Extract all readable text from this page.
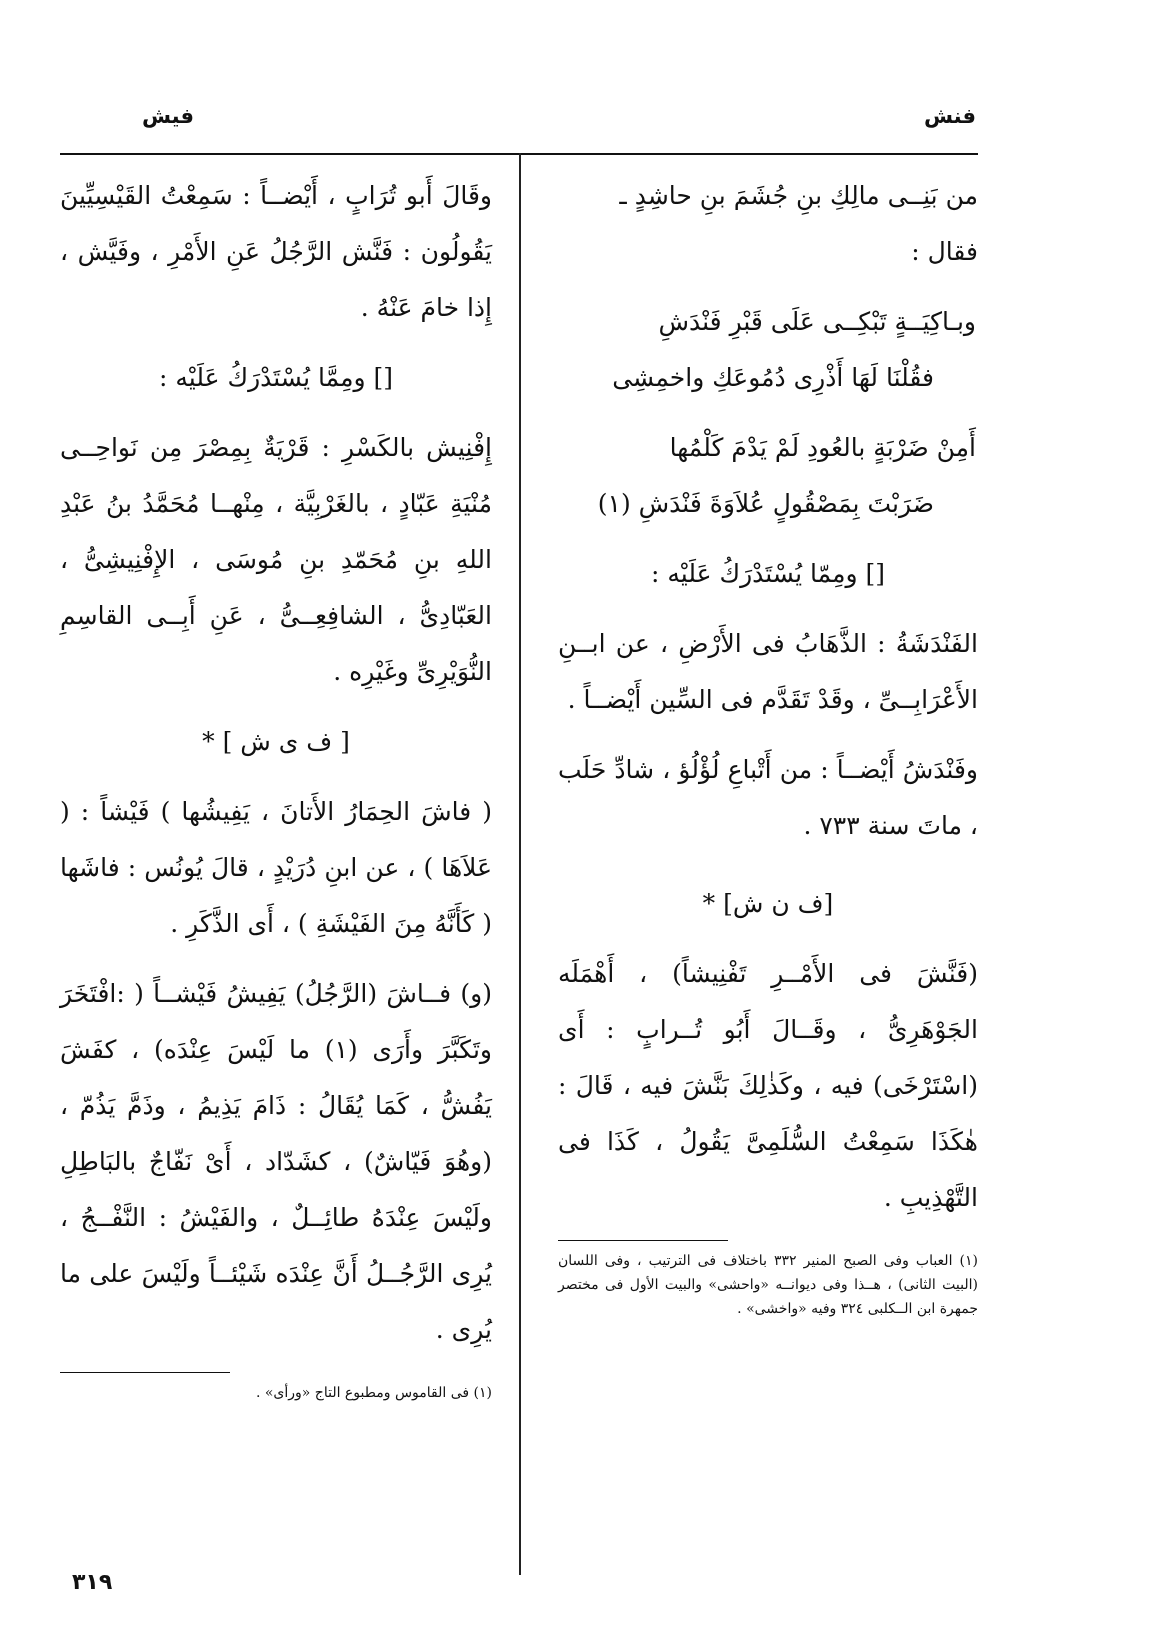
فنش
فيش

من بَنِــى مالِكِ بنِ جُشَمَ بنِ حاشِدٍ ـ

فقال :

وبـاكِيَــةٍ تَبْكِــى عَلَى قَبْرِ فَنْدَشِ

فقُلْنَا لَهَا أَذْرِى دُمُوعَكِ واخمِشِى

أَمِنْ ضَرْبَةٍ بالعُودِ لَمْ يَدْمَ كَلْمُها

ضَرَبْتَ بِمَصْقُولٍ عُلاَوَةَ فَنْدَشِ (١)

[] ومِمّا يُسْتَدْرَكُ عَلَيْه :

الفَنْدَشَةُ : الذَّهَابُ فى الأَرْضِ ، عن ابــنِ الأَعْرَابِــىِّ ، وقَدْ تَقَدَّم فى السِّين أَيْضــاً .

وفَنْدَشُ أَيْضــاً : من أَتْباعِ لُؤْلُؤ ، شادِّ حَلَب ، ماتَ سنة ٧٣٣ .

[ف ن ش] *

(فَنَّشَ فى الأَمْــرِ تَفْنِيشاً) ، أَهْمَلَه الجَوْهَرِىُّ ، وقَــالَ أَبُو تُــرابٍ : أَى (اسْتَرْخَى) فيه ، وكَذٰلِكَ بَنَّشَ فيه ، قَالَ : هٰكَذَا سَمِعْتُ السُّلَمِىَّ يَقُولُ ، كَذَا فى التَّهْذِيبِ .

(١) العباب وفى الصبح المنير ٣٣٢ باختلاف فى الترتيب ، وفى اللسان (البيت الثانى) ، هــذا وفى ديوانــه «واحشى» والبيت الأول فى مختصر جمهرة ابن الــكلبى ٣٢٤ وفيه «واخشى» .

وقَالَ أَبو تُرَابٍ ، أَيْضــاً : سَمِعْتُ القَيْسِيِّينَ يَقُولُون : فَنَّش الرَّجُلُ عَنِ الأَمْرِ ، وفَيَّش ، إِذا خامَ عَنْهُ .

[] ومِمَّا يُسْتَدْرَكُ عَلَيْه :

إِفْنِيش بالكَسْرِ : قَرْيَةٌ بِمِصْرَ مِن نَواحِــى مُنْيَةِ عَبّادٍ ، بالغَرْبِيَّة ، مِنْهــا مُحَمَّدُ بنُ عَبْدِ اللهِ بنِ مُحَمّدِ بنِ مُوسَى ، الإِفْنِيشِىُّ ، العَبّادِىُّ ، الشافِعِــىُّ ، عَنِ أَبِــى القاسِمِ النُّوَيْرِىِّ وغَيْرِه .

[ ف ى ش ] *

( فاشَ الحِمَارُ الأَتانَ ، يَفِيشُها ) فَيْشاً : ( عَلاَهَا ) ، عن ابنِ دُرَيْدٍ ، قالَ يُونُس : فاشَها ( كَأَنَّهُ مِنَ الفَيْشَةِ ) ، أَى الذَّكَرِ .

(و) فــاشَ (الرَّجُلُ) يَفِيشُ فَيْشــاً ( :افْتَخَرَ وتَكَبَّرَ وأَرَى (١) ما لَيْسَ عِنْدَه) ، كفَشَ يَفُشُّ ، كَمَا يُقَالُ : ذَامَ يَذِيمُ ، وذَمَّ يَذُمّ ، (وهُوَ فَيّاشٌ) ، كشَدّاد ، أَىْ نَفّاجٌ بالبَاطِلِ ولَيْسَ عِنْدَهُ طائِــلٌ ، والفَيْشُ : النَّفْــجُ ، يُرِى الرَّجُــلُ أَنَّ عِنْدَه شَيْئــاً ولَيْسَ على ما يُرِى .

(١) فى القاموس ومطبوع التاج «ورأى» .

٣١٩
